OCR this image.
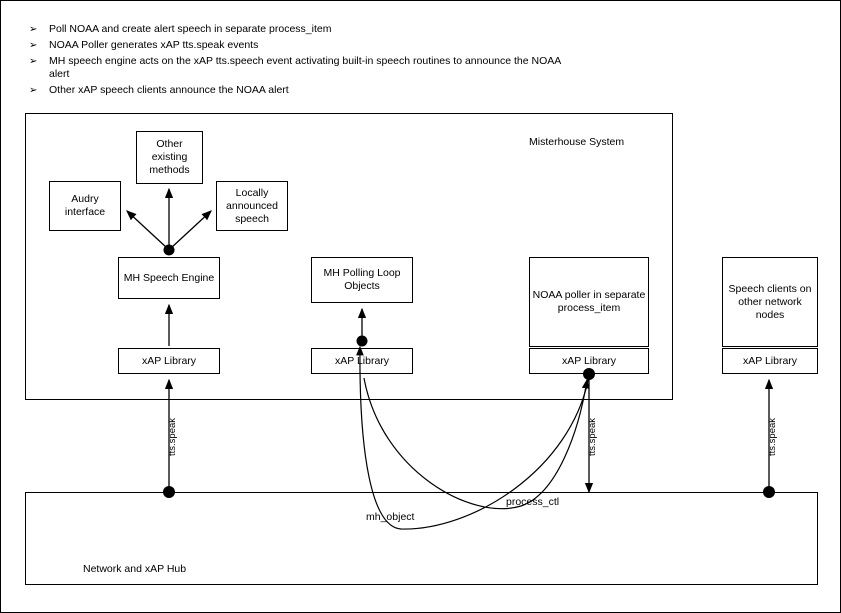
➢	Poll NOAA and create alert speech in separate process_item
➢	NOAA Poller generates xAP tts.speak events
➢	MH speech engine acts on the xAP tts.speech event activating built-in speech routines to announce the NOAA alert
➢	Other xAP speech clients announce the NOAA alert
Misterhouse System
Network and xAP Hub
Other existing methods
Audry interface
Locally announced speech
MH Speech Engine	MH Polling Loop Objects
NOAA poller in separate process_item
Speech clients on other network nodes
xAP Library	xAP Library	xAP Library	xAP Library
tts.speak	tts.speak	tts.speak
mh_object
process_ctl
